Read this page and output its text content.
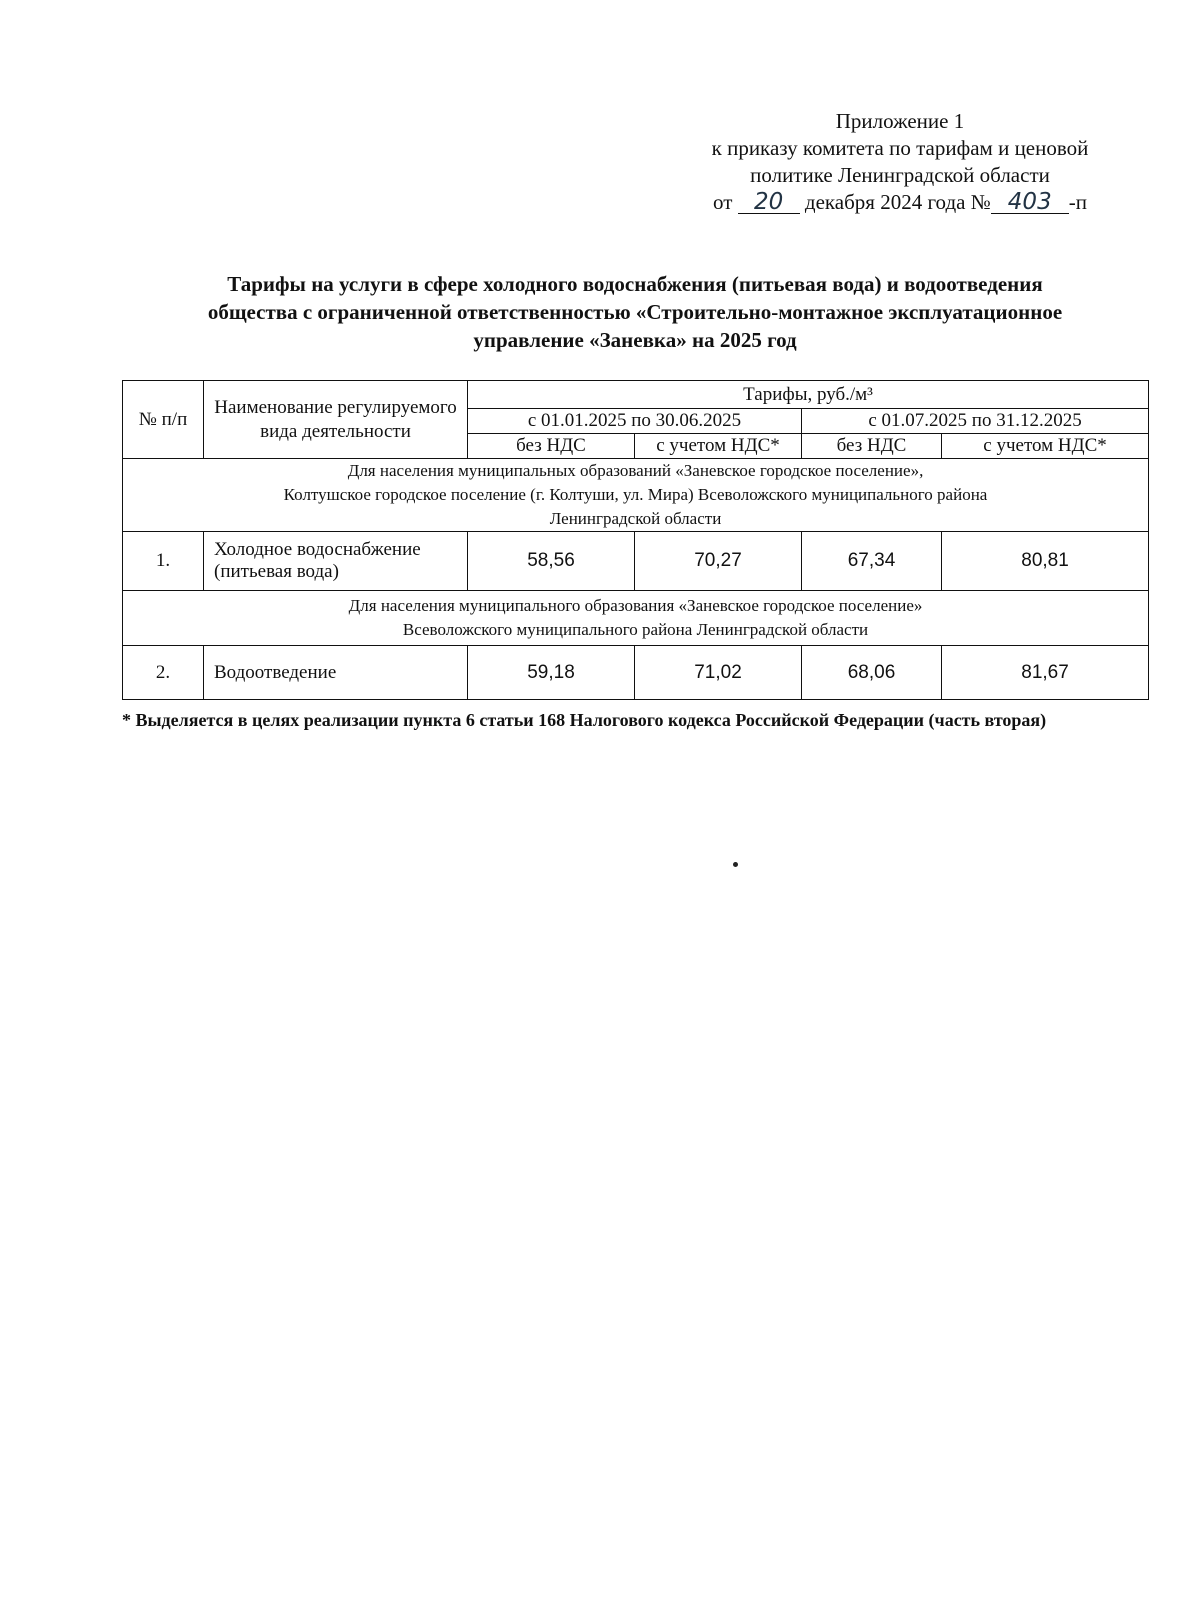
Приложение 1
к приказу комитета по тарифам и ценовой
политике Ленинградской области
от 20 декабря 2024 года № 403 -п
Тарифы на услуги в сфере холодного водоснабжения (питьевая вода) и водоотведения
общества с ограниченной ответственностью «Строительно-монтажное эксплуатационное
управление «Заневка» на 2025 год
№ п/п	Наименование регулируемого вида деятельности	Тарифы, руб./м³			
		с 01.01.2025 по 30.06.2025		с 01.07.2025 по 31.12.2025	
		без НДС	с учетом НДС*	без НДС	с учетом НДС*

Для населения муниципальных образований «Заневское городское поселение»,
Колтушское городское поселение (г. Колтуши, ул. Мира) Всеволожского муниципального района
Ленинградской области					

1.	Холодное водоснабжение (питьевая вода)	58,56	70,27	67,34	80,81

Для населения муниципального образования «Заневское городское поселение»
Всеволожского муниципального района Ленинградской области					

2.	Водоотведение	59,18	71,02	68,06	81,67
* Выделяется в целях реализации пункта 6 статьи 168 Налогового кодекса Российской Федерации (часть вторая)
